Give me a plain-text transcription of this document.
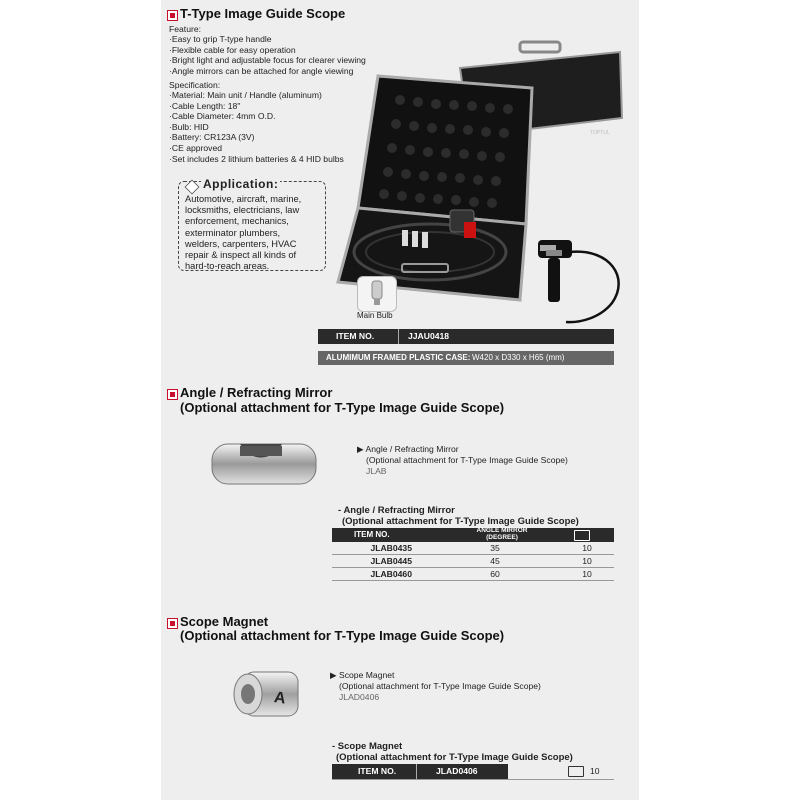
T-Type Image Guide Scope
Feature:
· Easy to grip T-type handle
· Flexible cable for easy operation
· Bright light and adjustable focus for clearer viewing
· Angle mirrors can be attached for angle viewing
Specification:
· Material: Main unit / Handle (aluminum)
· Cable Length: 18"
· Cable Diameter: 4mm O.D.
· Bulb: HID
· Battery: CR123A (3V)
· CE approved
· Set includes 2 lithium batteries & 4 HID bulbs
Application:
Automotive, aircraft, marine,
locksmiths, electricians, law
enforcement, mechanics,
exterminator plumbers,
welders, carpenters, HVAC
repair & inspect all kinds of
hard-to-reach areas.
TOPTUL
Main Bulb
ITEM NO.	JJAU0418
ALUMIMUM FRAMED PLASTIC CASE: W420 x D330 x H65 (mm)
Angle / Refracting Mirror
(Optional attachment for T-Type Image Guide Scope)
▶ Angle / Refracting Mirror
(Optional attachment for T-Type Image Guide Scope)
JLAB
- Angle / Refracting Mirror
(Optional attachment for T-Type Image Guide Scope)
ITEM NO.	ANGLE MIRROR
(DEGREE)
JLAB0435	35	10
JLAB0445	45	10
JLAB0460	60	10
Scope Magnet
(Optional attachment for T-Type Image Guide Scope)
A
▶ Scope Magnet
(Optional attachment for T-Type Image Guide Scope)
JLAD0406
- Scope Magnet
(Optional attachment for T-Type Image Guide Scope)
ITEM NO.	JLAD0406	10
